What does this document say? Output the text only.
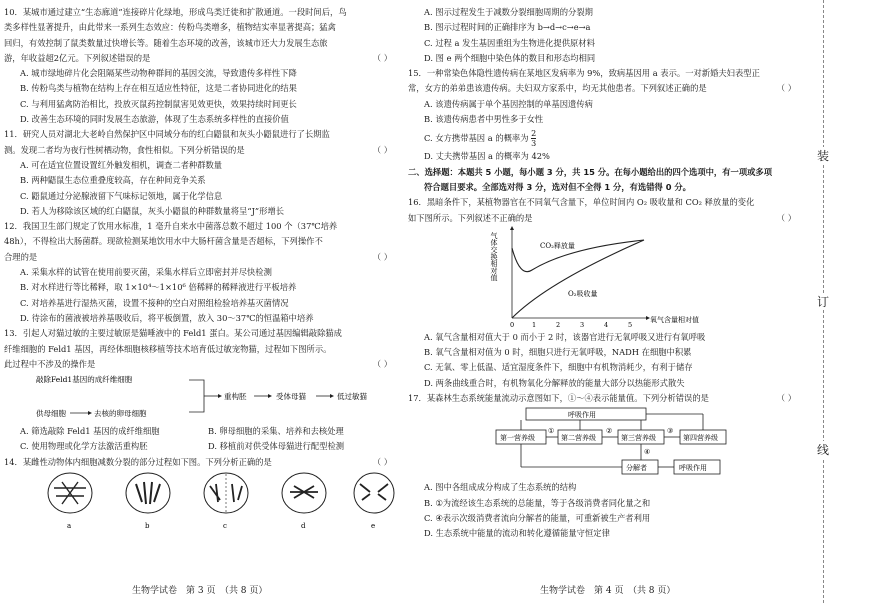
10．某城市通过建立“生态廊道”连接碎片化绿地，形成鸟类迁徙和扩散通道。一段时间后，鸟

类多样性显著提升，由此带来一系列生态效应：传粉鸟类增多，植物结实率显著提高；猛禽

回归，有效控制了鼠类数量过快增长等。随着生态环境的改善，该城市还大力发展生态旅

游，年收益超2亿元。下列叙述错误的是	（ ）

A. 城市绿地碎片化会阻隔某些动物种群间的基因交流，导致遗传多样性下降

B. 传粉鸟类与植物在结构上存在相互适应性特征，这是二者协同进化的结果

C. 与利用猛禽防治相比，投放灭鼠药控制鼠害见效更快，效果持续时间更长

D. 改善生态环境的同时发展生态旅游，体现了生态系统多样性的直接价值

11．研究人员对湖北大老岭自然保护区中同域分布的红白鼯鼠和灰头小鼯鼠进行了长期监

测。发现二者均为夜行性树栖动物，食性相似。下列分析错误的是	（ ）

A. 可在适宜位置设置红外触发相机，调查二者种群数量

B. 两种鼯鼠生态位重叠度较高，存在种间竞争关系

C. 鼯鼠通过分泌腺液留下气味标记领地，属于化学信息

D. 若人为移除该区域的红白鼯鼠，灰头小鼯鼠的种群数量将呈“J”形增长

12．我国卫生部门规定了饮用水标准，1 毫升自来水中菌落总数不超过 100 个（37℃培养

48h），不得检出大肠菌群。现欲检测某地饮用水中大肠杆菌含量是否超标，下列操作不

合理的是	（ ）

A. 采集水样的试管在使用前要灭菌，采集水样后立即密封并尽快检测

B. 对水样进行等比稀释，取 1×10⁴～1×10⁶ 倍稀释的稀释液进行平板培养

C. 对培养基进行湿热灭菌，设置不接种的空白对照组检验培养基灭菌情况

D. 待涂布的菌液被培养基吸收后，将平板倒置，放入 30～37℃的恒温箱中培养

13．引起人对猫过敏的主要过敏原是猫唾液中的 Feld1 蛋白。某公司通过基因编辑敲除猫成

纤维细胞的 Feld1 基因，再经体细胞核移植等技术培育低过敏宠物猫，过程如下图所示。

此过程中不涉及的操作是	（ ）

敲除Feld1基因的成纤维细胞
供母细胞	去核的卵母细胞
重构胚	受体母猫	低过敏猫

A. 筛选敲除 Feld1 基因的成纤维细胞	B. 卵母细胞的采集、培养和去核处理

C. 使用物理或化学方法激活重构胚	D. 移植前对供受体母猫进行配型检测

14．某雌性动物体内细胞减数分裂的部分过程如下图。下列分析正确的是	（ ）

a	b	c	d	e
生物学试卷　第 3 页　（共 8 页）

A. 图示过程发生于减数分裂细胞周期的分裂期

B. 图示过程时间的正确排序为 b→d→c→e→a

C. 过程 a 发生基因重组为生物进化提供原材料

D. 图 e 两个细胞中染色体的数目和形态均相同

15．一种常染色体隐性遗传病在某地区发病率为 9%，致病基因用 a 表示。一对新婚夫妇表型正

常，女方的弟弟患该遗传病。夫妇双方家系中，均无其他患者。下列叙述正确的是	（ ）

A. 该遗传病属于单个基因控制的单基因遗传病

B. 该遗传病患者中男性多于女性

C. 女方携带基因 a 的概率为 $\frac{2}{3}$

D. 丈夫携带基因 a 的概率为 42%

二、选择题：本题共 5 小题，每小题 3 分，共 15 分。在每小题给出的四个选项中，有一项或多项

符合题目要求。全部选对得 3 分，选对但不全得 1 分，有选错得 0 分。

16．黑暗条件下，某植物器官在不同氧气含量下，单位时间内 O₂ 吸收量和 CO₂ 释放量的变化

如下图所示。下列叙述不正确的是	（ ）

气体交换相对值	CO₂释放量
O₂吸收量
0	1	2	3	4	5
氧气含量相对值

A. 氧气含量相对值大于 0 而小于 2 时，该器官进行无氧呼吸又进行有氧呼吸

B. 氧气含量相对值为 0 时，细胞只进行无氧呼吸，NADH 在细胞中积累

C. 无氧、零上低温、适宜湿度条件下，细胞中有机物消耗少，有利于储存

D. 两条曲线重合时，有机物氧化分解释放的能量大部分以热能形式散失

17．某森林生态系统能量流动示意图如下，①～④表示能量值。下列分析错误的是	（ ）

呼吸作用
第一营养级	第二营养级	第三营养级	第四营养级
①	②	③
分解者	呼吸作用
④

A. 图中各组成成分构成了生态系统的结构

B. ①为流经该生态系统的总能量，等于各级消费者同化量之和

C. ④表示次级消费者流向分解者的能量，可重新被生产者利用

D. 生态系统中能量的流动和转化遵循能量守恒定律

生物学试卷　第 4 页　（共 8 页）
装
订
线
